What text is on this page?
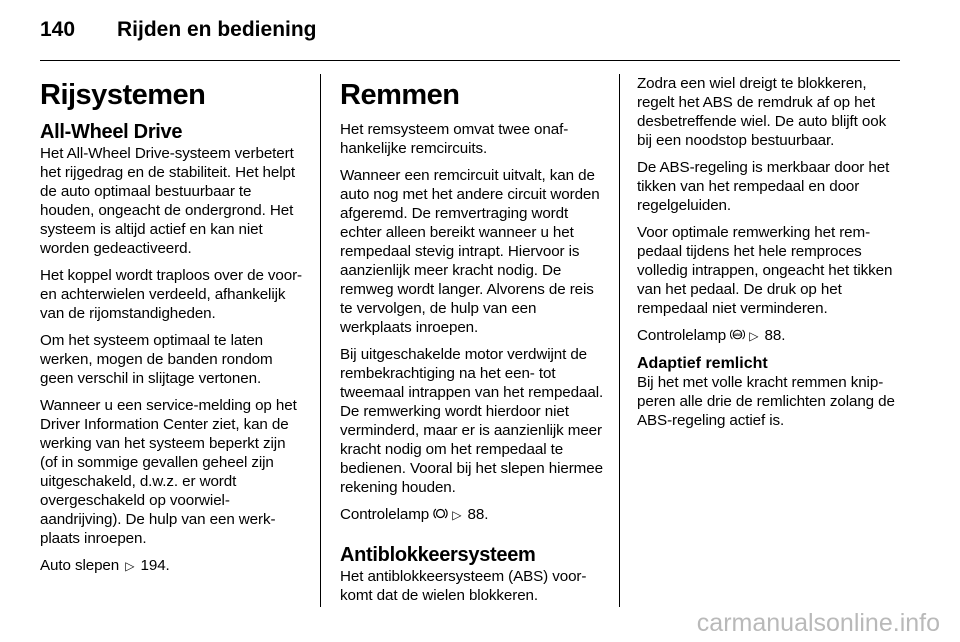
140 Rijden en bediening
Rijsystemen
All-Wheel Drive

Het All-Wheel Drive-systeem verbetert het rijgedrag en de stabiliteit. Het helpt de auto optimaal bestuurbaar te houden, ongeacht de ondergrond. Het systeem is altijd actief en kan niet worden gedeactiveerd.

Het koppel wordt traploos over de voor- en achterwielen verdeeld, afhankelijk van de rijomstandigheden.

Om het systeem optimaal te laten werken, mogen de banden rondom geen verschil in slijtage vertonen.

Wanneer u een service-melding op het Driver Information Center ziet, kan de werking van het systeem beperkt zijn (of in sommige gevallen geheel zijn uitgeschakeld, d.w.z. er wordt overgeschakeld op voorwielaandrijving). De hulp van een werkplaats inroepen.

Auto slepen ▷ 194.

Remmen

Het remsysteem omvat twee onafhankelijke remcircuits.

Wanneer een remcircuit uitvalt, kan de auto nog met het andere circuit worden afgeremd. De remvertraging wordt echter alleen bereikt wanneer u het rempedaal stevig intrapt. Hiervoor is aanzienlijk meer kracht nodig. De remweg wordt langer. Alvorens de reis te vervolgen, de hulp van een werkplaats inroepen.

Bij uitgeschakelde motor verdwijnt de rembekrachtiging na het een- tot tweemaal intrappen van het rempedaal. De remwerking wordt hierdoor niet verminderd, maar er is aanzienlijk meer kracht nodig om het rempedaal te bedienen. Vooral bij het slepen hiermee rekening houden.

Controlelamp ▷ 88.

Antiblokkeersysteem

Het antiblokkeersysteem (ABS) voorkomt dat de wielen blokkeren.

Zodra een wiel dreigt te blokkeren, regelt het ABS de remdruk af op het desbetreffende wiel. De auto blijft ook bij een noodstop bestuurbaar.

De ABS-regeling is merkbaar door het tikken van het rempedaal en door regelgeluiden.

Voor optimale remwerking het rempedaal tijdens het hele remproces volledig intrappen, ongeacht het tikken van het pedaal. De druk op het rempedaal niet verminderen.

Controlelamp ABS ▷ 88.

Adaptief remlicht

Bij het met volle kracht remmen knipperen alle drie de remlichten zolang de ABS-regeling actief is.

carmanualsonline.info
